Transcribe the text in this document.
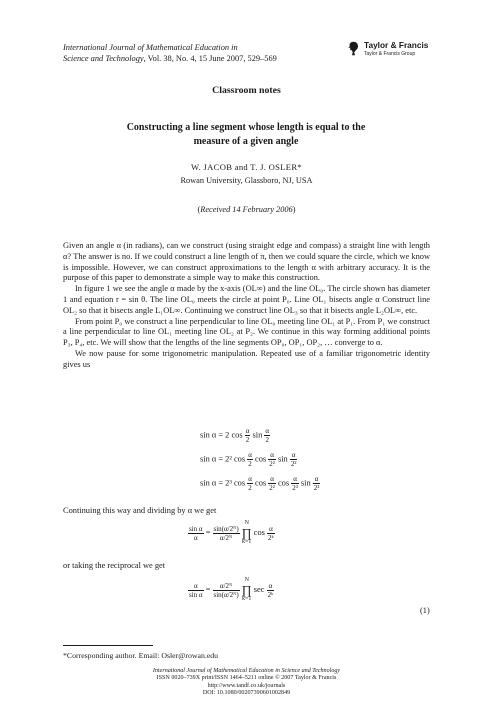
International Journal of Mathematical Education in
Science and Technology, Vol. 38, No. 4, 15 June 2007, 529–569
Taylor & Francis
Taylor & Francis Group
Classroom notes
Constructing a line segment whose length is equal to the
measure of a given angle
W. JACOB and T. J. OSLER*
Rowan University, Glassboro, NJ, USA
(Received 14 February 2006)

Given an angle α (in radians), can we construct (using straight edge and compass) a straight line with length α? The answer is no. If we could construct a line length of π, then we could square the circle, which we know is impossible. However, we can construct approximations to the length α with arbitrary accuracy. It is the purpose of this paper to demonstrate a simple way to make this construction.

In figure 1 we see the angle α made by the x-axis (OL∞) and the line OL₀. The circle shown has diameter 1 and equation r = sin θ. The line OL₀ meets the circle at point P₀. Line OL₁ bisects angle α Construct line OL₂ so that it bisects angle L₁OL∞. Continuing we construct line OL₃ so that it bisects angle L₂OL∞, etc.

From point P₀ we construct a line perpendicular to line OL₀ meeting line OL₁ at P₁. From P₁ we construct a line perpendicular to line OL₁ meeting line OL₂ at P₂. We continue in this way forming additional points P₃, P₄, etc. We will show that the lengths of the line segments OP₀, OP₁, OP₂, … converge to α.

We now pause for some trigonometric manipulation. Repeated use of a familiar trigonometric identity gives us

sin α = 2 $\cos \frac{\alpha}{2}$ $\sin \frac{\alpha}{2}$
sin α = 2² $\cos \frac{\alpha}{2}$ $\cos \frac{\alpha}{\text{2²}}$ $\sin \frac{\alpha}{\text{2²}}$
sin α = 2³ $\cos \frac{\alpha}{2}$ $\cos \frac{\alpha}{\text{2²}}$ $\cos \frac{\alpha}{\text{2³}}$ $\sin \frac{\alpha}{\text{2³}}$

Continuing this way and dividing by α we get

$\frac{\text{sin α}}{\alpha} = \frac{\text{sin(α/2ᴺ)}}{\text{α/2ᴺ}}$
N
∏
k=1 $\cos \frac{\alpha}{\text{2ᵏ}}$

or taking the reciprocal we get

$\frac{\alpha}{\text{sin α}} = \frac{\text{α/2ᴺ}}{\text{sin(α/2ᴺ)}}$
N
∏
k=1 $\sec \frac{\alpha}{\text{2ᵏ}}$
(1)
*Corresponding author. Email: Osler@rowan.edu
International Journal of Mathematical Education in Science and Technology
ISSN 0020–739X print/ISSN 1464–5211 online © 2007 Taylor & Francis
http://www.tandf.co.uk/journals
DOI: 10.1080/00207390601002849
